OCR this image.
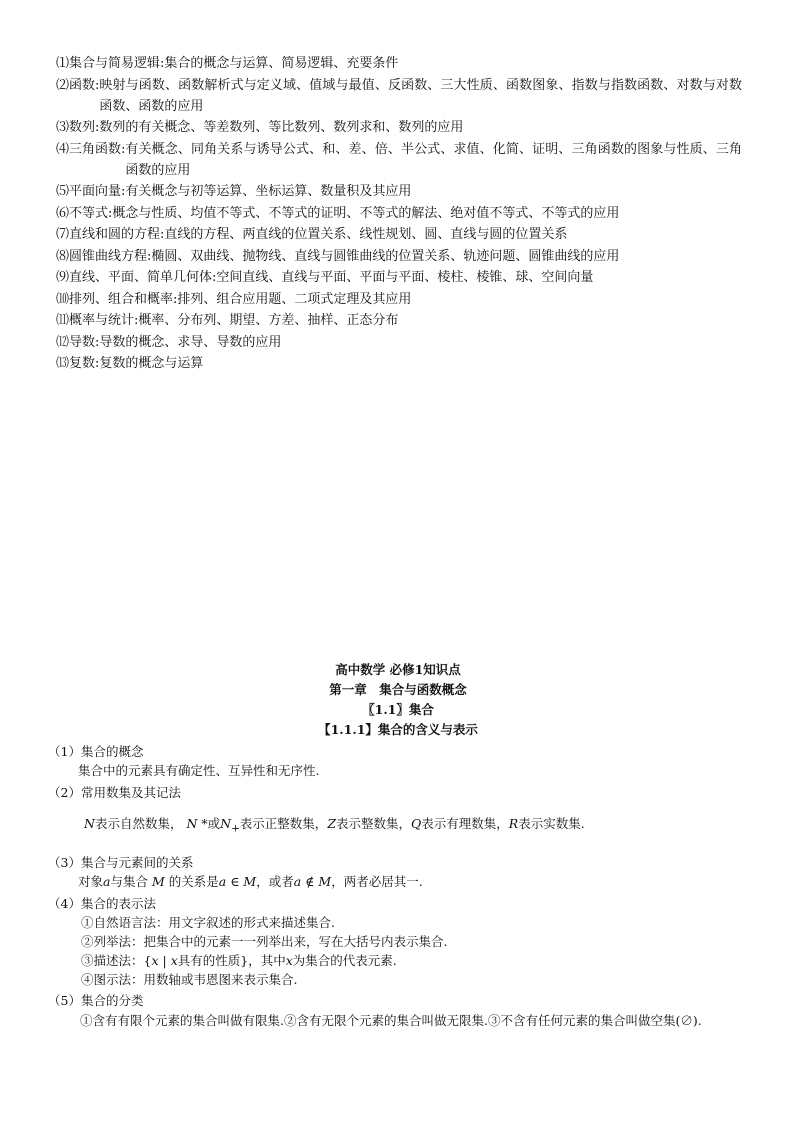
⑴ 集合与简易逻辑: 集合的概念与运算、简易逻辑、充要条件
⑵ 函数: 映射与函数、函数解析式与定义域、值域与最值、反函数、三大性质、函数图象、指数与指数函数、对数与对数函数、函数的应用
⑶ 数列: 数列的有关概念、等差数列、等比数列、数列求和、数列的应用
⑷ 三角函数: 有关概念、同角关系与诱导公式、和、差、倍、半公式、求值、化简、证明、三角函数的图象与性质、三角函数的应用
⑸ 平面向量: 有关概念与初等运算、坐标运算、数量积及其应用
⑹ 不等式: 概念与性质、均值不等式、不等式的证明、不等式的解法、绝对值不等式、不等式的应用
⑺ 直线和圆的方程: 直线的方程、两直线的位置关系、线性规划、圆、直线与圆的位置关系
⑻ 圆锥曲线方程: 椭圆、双曲线、抛物线、直线与圆锥曲线的位置关系、轨迹问题、圆锥曲线的应用
⑼ 直线、平面、简单几何体: 空间直线、直线与平面、平面与平面、棱柱、棱锥、球、空间向量
⑽ 排列、组合和概率: 排列、组合应用题、二项式定理及其应用
⑾ 概率与统计: 概率、分布列、期望、方差、抽样、正态分布
⑿ 导数: 导数的概念、求导、导数的应用
⒀ 复数: 复数的概念与运算
高中数学 必修1知识点
第一章　集合与函数概念
〖1.1〗集合
【1.1.1】集合的含义与表示
（1）集合的概念
集合中的元素具有确定性、互异性和无序性.
（2）常用数集及其记法
N表示自然数集， N *或$N_+$表示正整数集，Z表示整数集，Q表示有理数集，R表示实数集.
（3）集合与元素间的关系
对象a与集合 M 的关系是a ∈ M，或者a ∉ M，两者必居其一.
（4）集合的表示法
①自然语言法：用文字叙述的形式来描述集合.
②列举法：把集合中的元素一一列举出来，写在大括号内表示集合.
③描述法：{x | x具有的性质}，其中x为集合的代表元素.
④图示法：用数轴或韦恩图来表示集合.
（5）集合的分类
①含有有限个元素的集合叫做有限集.②含有无限个元素的集合叫做无限集.③不含有任何元素的集合叫做空集(∅).
